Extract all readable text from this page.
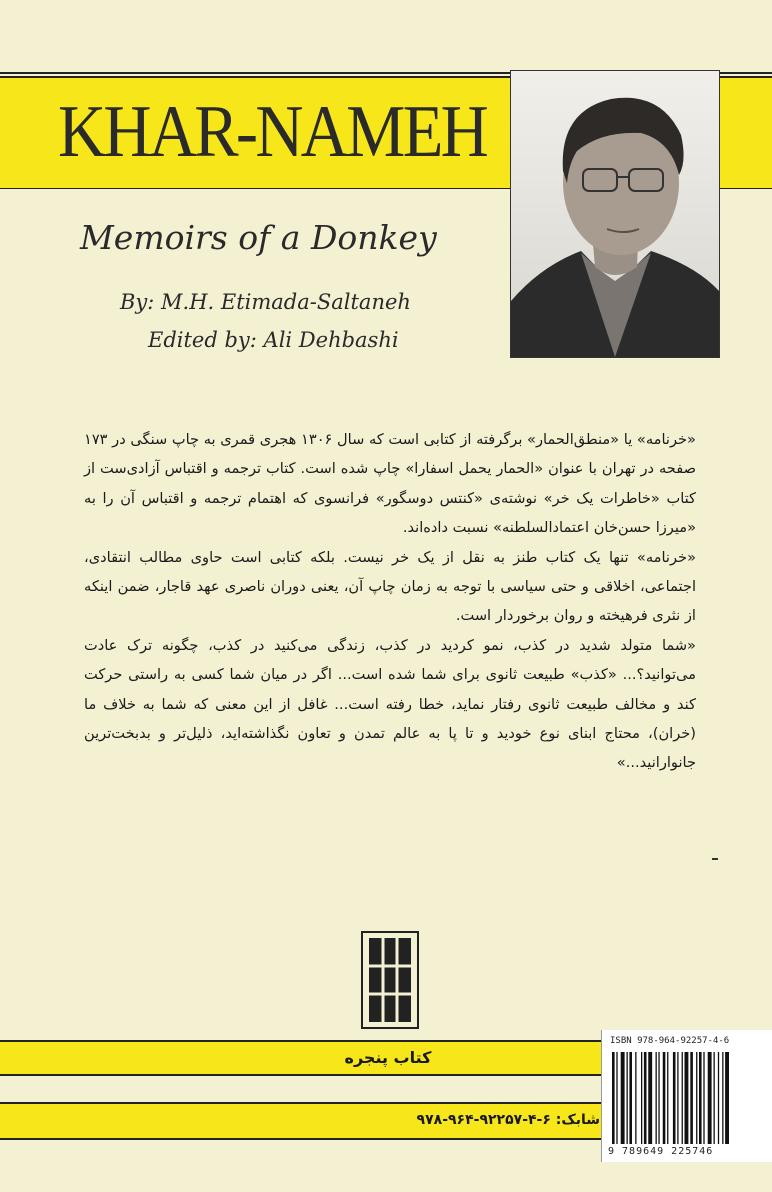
KHAR-NAMEH
Memoirs of a Donkey
By: M.H. Etimada-Saltaneh
Edited by: Ali Dehbashi

«خرنامه» یا «منطق‌الحمار» برگرفته از کتابی است که سال ۱۳۰۶ هجری قمری به چاپ سنگی در ۱۷۳ صفحه در تهران با عنوان «الحمار یحمل اسفارا» چاپ شده است. کتاب ترجمه و اقتباس آزادی‌ست از کتاب «خاطرات یک خر» نوشته‌ی «کنتس دوسگور» فرانسوی که اهتمام ترجمه و اقتباس آن را به «میرزا حسن‌خان اعتمادالسلطنه» نسبت داده‌اند.

«خرنامه» تنها یک کتاب طنز به نقل از یک خر نیست. بلکه کتابی است حاوی مطالب انتقادی، اجتماعی، اخلاقی و حتی سیاسی با توجه به زمان چاپ آن، یعنی دوران ناصری عهد قاجار، ضمن اینکه از نثری فرهیخته و روان برخوردار است.

«شما متولد شدید در کذب، نمو کردید در کذب، زندگی می‌کنید در کذب، چگونه ترک عادت می‌توانید؟... «کذب» طبیعت ثانوی برای شما شده است... اگر در میان شما کسی به راستی حرکت کند و مخالف طبیعت ثانوی رفتار نماید، خطا رفته است... غافل از این معنی که شما به خلاف ما (خران)، محتاج ابنای نوع خودید و تا پا به عالم تمدن و تعاون نگذاشته‌اید، ذلیل‌تر و بدبخت‌ترین جانوارانید...»

کتاب پنجره
شابک: ۶-۴-۹۲۲۵۷-۹۶۴-۹۷۸
ISBN 978-964-92257-4-6
9 789649 225746
